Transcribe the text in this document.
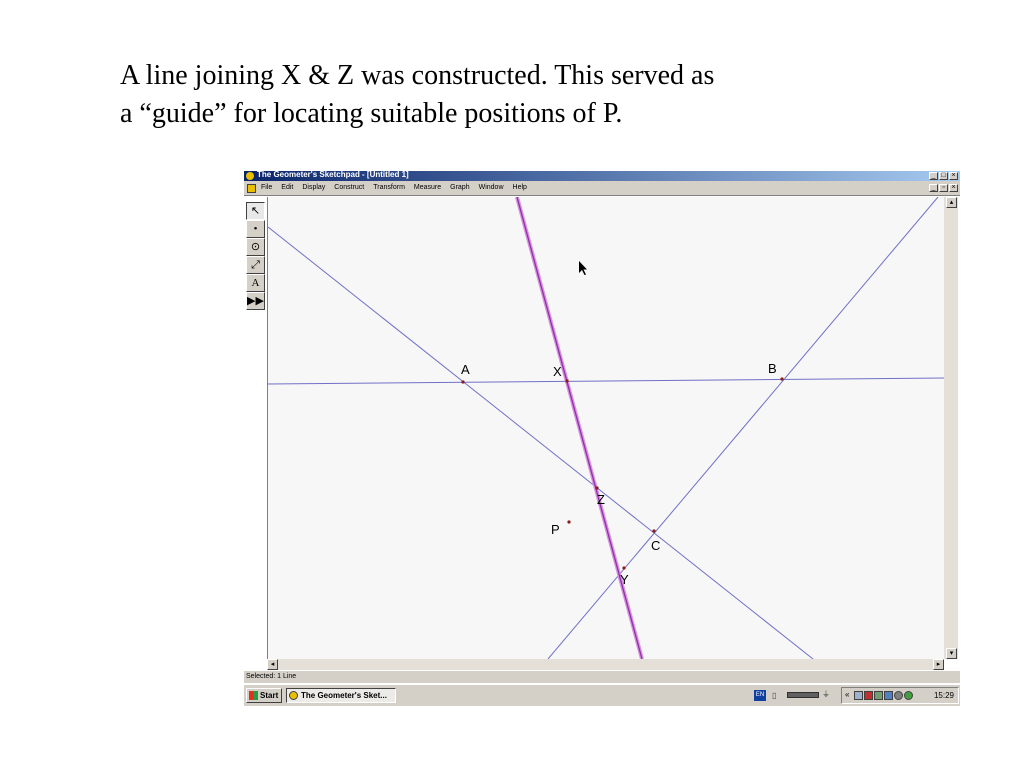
A line joining X & Z was constructed. This served as
a “guide” for locating suitable positions of P.
The Geometer's Sketchpad - [Untitled 1]	_ □ ×
File Edit Display Construct Transform Measure Graph Window Help	_ ▫ ×
↖
•
⊙
⤢
A
▶▶
A	X	B
Z
P
C
Y
▴
▾
◂	▸
Selected: 1 Line
Start	The Geometer's Sket...	EN ▯	⏚ «	15:29
